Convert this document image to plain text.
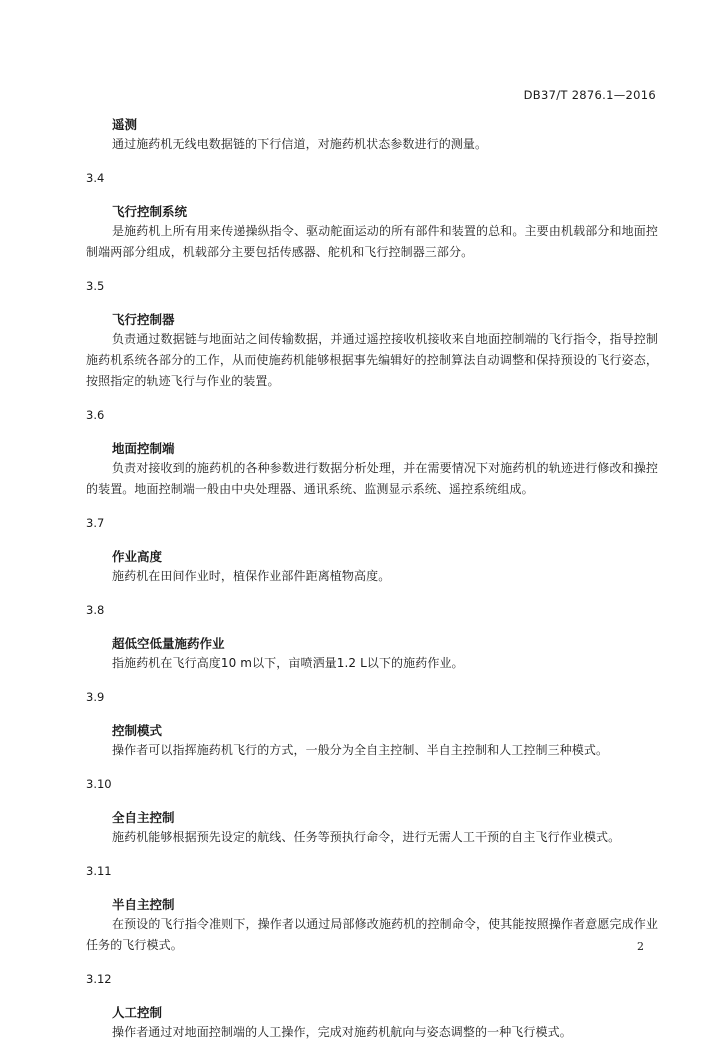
DB37/T 2876.1—2016
遥测
通过施药机无线电数据链的下行信道，对施药机状态参数进行的测量。
3.4
飞行控制系统
是施药机上所有用来传递操纵指令、驱动舵面运动的所有部件和装置的总和。主要由机载部分和地面控制端两部分组成，机载部分主要包括传感器、舵机和飞行控制器三部分。
3.5
飞行控制器
负责通过数据链与地面站之间传输数据，并通过遥控接收机接收来自地面控制端的飞行指令，指导控制施药机系统各部分的工作，从而使施药机能够根据事先编辑好的控制算法自动调整和保持预设的飞行姿态，按照指定的轨迹飞行与作业的装置。
3.6
地面控制端
负责对接收到的施药机的各种参数进行数据分析处理，并在需要情况下对施药机的轨迹进行修改和操控的装置。地面控制端一般由中央处理器、通讯系统、监测显示系统、遥控系统组成。
3.7
作业高度
施药机在田间作业时，植保作业部件距离植物高度。
3.8
超低空低量施药作业
指施药机在飞行高度10 m以下，亩喷洒量1.2 L以下的施药作业。
3.9
控制模式
操作者可以指挥施药机飞行的方式，一般分为全自主控制、半自主控制和人工控制三种模式。
3.10
全自主控制
施药机能够根据预先设定的航线、任务等预执行命令，进行无需人工干预的自主飞行作业模式。
3.11
半自主控制
在预设的飞行指令准则下，操作者以通过局部修改施药机的控制命令，使其能按照操作者意愿完成作业任务的飞行模式。
3.12
人工控制
操作者通过对地面控制端的人工操作，完成对施药机航向与姿态调整的一种飞行模式。
2
